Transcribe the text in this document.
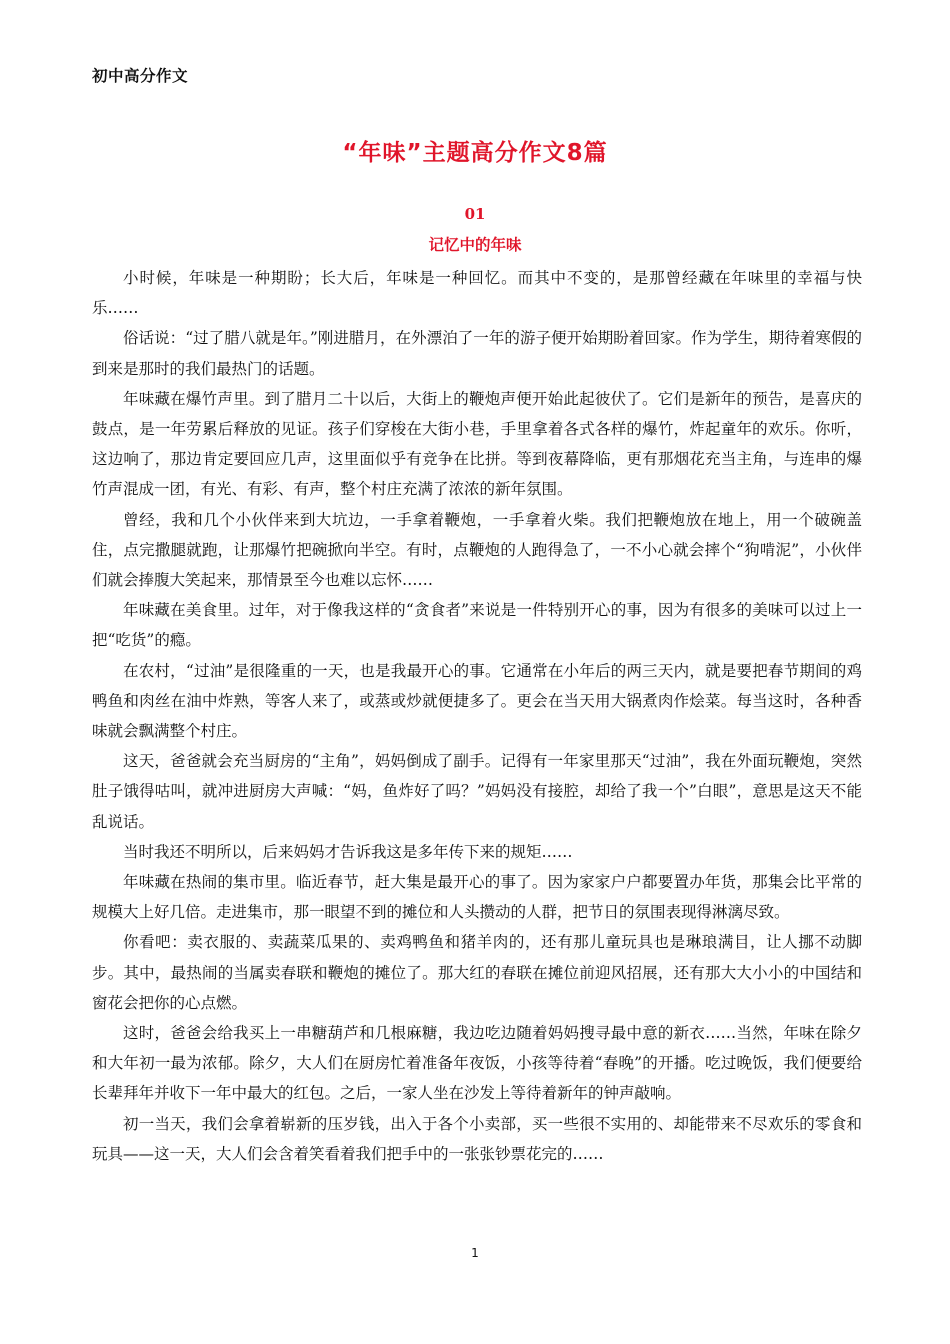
初中高分作文
“年味”主题高分作文8篇
01
记忆中的年味

小时候，年味是一种期盼；长大后，年味是一种回忆。而其中不变的，是那曾经藏在年味里的幸福与快乐……

俗话说：“过了腊八就是年。”刚进腊月，在外漂泊了一年的游子便开始期盼着回家。作为学生，期待着寒假的到来是那时的我们最热门的话题。

年味藏在爆竹声里。到了腊月二十以后，大街上的鞭炮声便开始此起彼伏了。它们是新年的预告，是喜庆的鼓点，是一年劳累后释放的见证。孩子们穿梭在大街小巷，手里拿着各式各样的爆竹，炸起童年的欢乐。你听，这边响了，那边肯定要回应几声，这里面似乎有竞争在比拼。等到夜幕降临，更有那烟花充当主角，与连串的爆竹声混成一团，有光、有彩、有声，整个村庄充满了浓浓的新年氛围。

曾经，我和几个小伙伴来到大坑边，一手拿着鞭炮，一手拿着火柴。我们把鞭炮放在地上，用一个破碗盖住，点完撒腿就跑，让那爆竹把碗掀向半空。有时，点鞭炮的人跑得急了，一不小心就会摔个“狗啃泥”，小伙伴们就会捧腹大笑起来，那情景至今也难以忘怀……

年味藏在美食里。过年，对于像我这样的“贪食者”来说是一件特别开心的事，因为有很多的美味可以过上一把“吃货”的瘾。

在农村，“过油”是很隆重的一天，也是我最开心的事。它通常在小年后的两三天内，就是要把春节期间的鸡鸭鱼和肉丝在油中炸熟，等客人来了，或蒸或炒就便捷多了。更会在当天用大锅煮肉作烩菜。每当这时，各种香味就会飘满整个村庄。

这天，爸爸就会充当厨房的“主角”，妈妈倒成了副手。记得有一年家里那天“过油”，我在外面玩鞭炮，突然肚子饿得咕叫，就冲进厨房大声喊：“妈，鱼炸好了吗？”妈妈没有接腔，却给了我一个”白眼”，意思是这天不能乱说话。

当时我还不明所以，后来妈妈才告诉我这是多年传下来的规矩……

年味藏在热闹的集市里。临近春节，赶大集是最开心的事了。因为家家户户都要置办年货，那集会比平常的规模大上好几倍。走进集市，那一眼望不到的摊位和人头攒动的人群，把节日的氛围表现得淋漓尽致。

你看吧：卖衣服的、卖蔬菜瓜果的、卖鸡鸭鱼和猪羊肉的，还有那儿童玩具也是琳琅满目，让人挪不动脚步。其中，最热闹的当属卖春联和鞭炮的摊位了。那大红的春联在摊位前迎风招展，还有那大大小小的中国结和窗花会把你的心点燃。

这时，爸爸会给我买上一串糖葫芦和几根麻糖，我边吃边随着妈妈搜寻最中意的新衣……当然，年味在除夕和大年初一最为浓郁。除夕，大人们在厨房忙着准备年夜饭，小孩等待着“春晚”的开播。吃过晚饭，我们便要给长辈拜年并收下一年中最大的红包。之后，一家人坐在沙发上等待着新年的钟声敲响。

初一当天，我们会拿着崭新的压岁钱，出入于各个小卖部，买一些很不实用的、却能带来不尽欢乐的零食和玩具——这一天，大人们会含着笑看着我们把手中的一张张钞票花完的……

1
